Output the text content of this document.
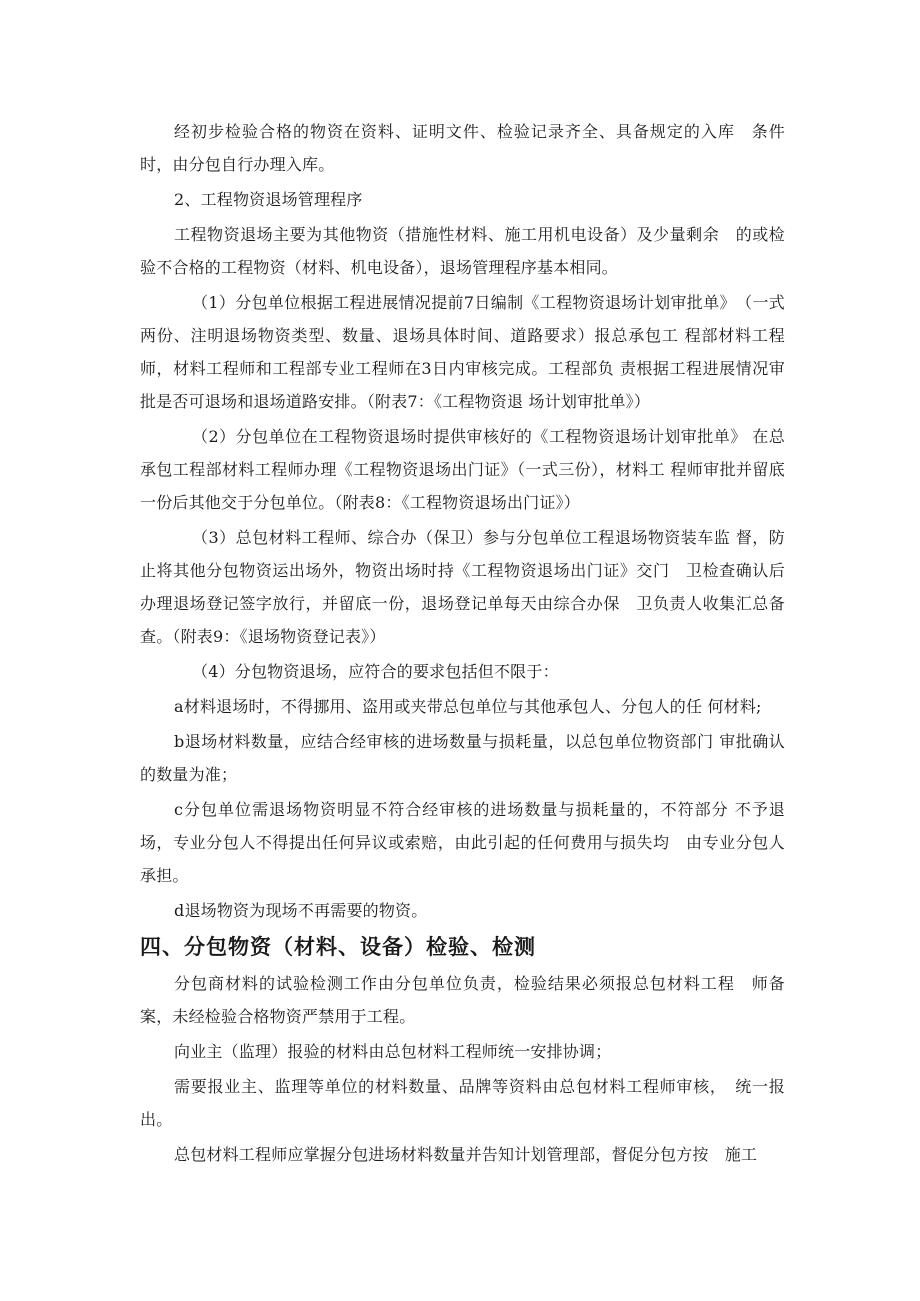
经初步检验合格的物资在资料、证明文件、检验记录齐全、具备规定的入库　条件时，由分包自行办理入库。

2、工程物资退场管理程序

工程物资退场主要为其他物资（措施性材料、施工用机电设备）及少量剩余　的或检验不合格的工程物资（材料、机电设备），退场管理程序基本相同。

（1）分包单位根据工程进展情况提前7日编制《工程物资退场计划审批单》　（一式两份、注明退场物资类型、数量、退场具体时间、道路要求）报总承包工 程部材料工程师，材料工程师和工程部专业工程师在3日内审核完成。工程部负 责根据工程进展情况审批是否可退场和退场道路安排。（附表7：《工程物资退 场计划审批单》）

（2）分包单位在工程物资退场时提供审核好的《工程物资退场计划审批单》 在总承包工程部材料工程师办理《工程物资退场出门证》（一式三份），材料工 程师审批并留底一份后其他交于分包单位。（附表8：《工程物资退场出门证》）

（3）总包材料工程师、综合办（保卫）参与分包单位工程退场物资装车监 督，防止将其他分包物资运出场外，物资出场时持《工程物资退场出门证》交门　卫检查确认后办理退场登记签字放行，并留底一份，退场登记单每天由综合办保　卫负责人收集汇总备查。（附表9：《退场物资登记表》）

（4）分包物资退场，应符合的要求包括但不限于：

a材料退场时，不得挪用、盗用或夹带总包单位与其他承包人、分包人的任 何材料;

b退场材料数量，应结合经审核的进场数量与损耗量，以总包单位物资部门 审批确认的数量为准；

c分包单位需退场物资明显不符合经审核的进场数量与损耗量的，不符部分 不予退场，专业分包人不得提出任何异议或索赔，由此引起的任何费用与损失均　由专业分包人承担。

d退场物资为现场不再需要的物资。

四、分包物资（材料、设备）检验、检测

分包商材料的试验检测工作由分包单位负责，检验结果必须报总包材料工程　师备案，未经检验合格物资严禁用于工程。

向业主（监理）报验的材料由总包材料工程师统一安排协调；

需要报业主、监理等单位的材料数量、品牌等资料由总包材料工程师审核，　统一报出。

总包材料工程师应掌握分包进场材料数量并告知计划管理部，督促分包方按　施工
